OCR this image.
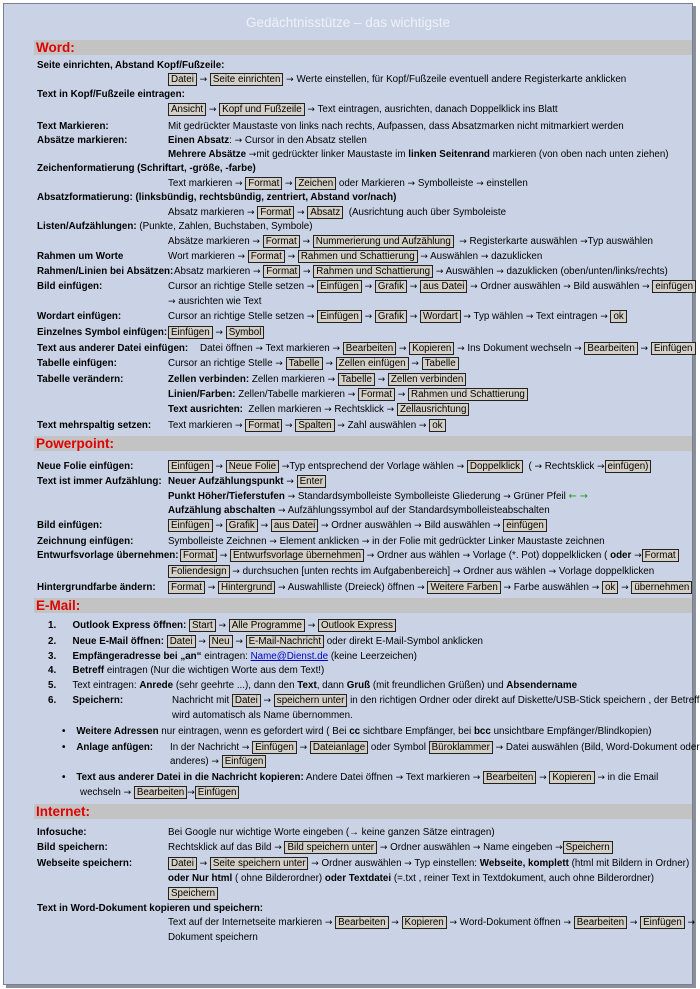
Gedächtnisstütze – das wichtigste
Word:
Seite einrichten, Abstand Kopf/Fußzeile:
Datei → Seite einrichten → Werte einstellen, für Kopf/Fußzeile eventuell andere Registerkarte anklicken
Text in Kopf/Fußzeile eintragen:
Ansicht → Kopf und Fußzeile → Text eintragen, ausrichten, danach Doppelklick ins Blatt
Text Markieren:	Mit gedrückter Maustaste von links nach rechts, Aufpassen, dass Absatzmarken nicht mitmarkiert werden
Absätze markieren:	Einen Absatz: → Cursor in den Absatz stellen
Mehrere Absätze →mit gedrückter linker Maustaste im linken Seitenrand markieren (von oben nach unten ziehen)
Zeichenformatierung (Schriftart, -größe, -farbe)
Text markieren → Format → Zeichen oder Markieren → Symbolleiste → einstellen
Absatzformatierung: (linksbündig, rechtsbündig, zentriert, Abstand vor/nach)
Absatz markieren → Format → Absatz (Ausrichtung auch über Symboleiste
Listen/Aufzählungen: (Punkte, Zahlen, Buchstaben, Symbole)
Absätze markieren → Format → Nummerierung und Aufzählung → Registerkarte auswählen →Typ auswählen
Rahmen um Worte	Wort markieren → Format → Rahmen und Schattierung → Auswählen → dazuklicken
Rahmen/Linien bei Absätzen: Absatz markieren → Format → Rahmen und Schattierung → Auswählen → dazuklicken (oben/unten/links/rechts)
Bild einfügen:	Cursor an richtige Stelle setzen → Einfügen → Grafik → aus Datei → Ordner auswählen → Bild auswählen → einfügen
→ ausrichten wie Text
Wordart einfügen:	Cursor an richtige Stelle setzen → Einfügen → Grafik → Wordart → Typ wählen → Text eintragen → ok
Einzelnes Symbol einfügen: Einfügen → Symbol
Text aus anderer Datei einfügen: Datei öffnen → Text markieren → Bearbeiten → Kopieren → Ins Dokument wechseln → Bearbeiten → Einfügen
Tabelle einfügen:	Cursor an richtige Stelle → Tabelle → Zellen einfügen → Tabelle
Tabelle verändern:	Zellen verbinden: Zellen markieren → Tabelle → Zellen verbinden
Linien/Farben: Zellen/Tabelle markieren → Format → Rahmen und Schattierung
Text ausrichten: Zellen markieren → Rechtsklick → Zellausrichtung
Text mehrspaltig setzen: Text markieren → Format → Spalten → Zahl auswählen → ok
Powerpoint:
Neue Folie einfügen:	Einfügen → Neue Folie →Typ entsprechend der Vorlage wählen → Doppelklick ( → Rechtsklick → einfügen)
Text ist immer Aufzählung: Neuer Aufzählungspunkt → Enter
Punkt Höher/Tieferstufen → Standardsymbolleiste Symbolleiste Gliederung → Grüner Pfeil ← →
Aufzählung abschalten → Aufzählungssymbol auf der Standardsymbolleisteabschalten
Bild einfügen:	Einfügen → Grafik → aus Datei → Ordner auswählen → Bild auswählen → einfügen
Zeichnung einfügen:	Symbolleiste Zeichnen → Element anklicken → in der Folie mit gedrückter Linker Maustaste zeichnen
Entwurfsvorlage übernehmen: Format → Entwurfsvorlage übernehmen → Ordner aus wählen → Vorlage (*. Pot) doppelklicken ( oder → Format
Foliendesign → durchsuchen [unten rechts im Aufgabenbereich] → Ordner aus wählen → Vorlage doppelklicken
Hintergrundfarbe ändern:	Format → Hintergrund → Auswahlliste (Dreieck) öffnen → Weitere Farben → Farbe auswählen → ok → übernehmen
E-Mail:
1. Outlook Express öffnen: Start → Alle Programme → Outlook Express
2. Neue E-Mail öffnen: Datei → Neu → E-Mail-Nachricht oder direkt E-Mail-Symbol anklicken
3. Empfängeradresse bei „an“ eintragen: Name@Dienst.de (keine Leerzeichen)
4. Betreff eintragen (Nur die wichtigen Worte aus dem Text!)
5. Text eintragen: Anrede (sehr geehrte ...), dann den Text, dann Gruß (mit freundlichen Grüßen) und Absendername
6. Speichern:	Nachricht mit Datei → speichern unter in den richtigen Ordner oder direkt auf Diskette/USB-Stick speichern , der Betreff
wird automatisch als Name übernommen.
• Weitere Adressen nur eintragen, wenn es gefordert wird ( Bei cc sichtbare Empfänger, bei bcc unsichtbare Empfänger/Blindkopien)
• Anlage anfügen: In der Nachricht → Einfügen → Dateianlage oder Symbol Büroklammer → Datei auswählen (Bild, Word-Dokument oder
anderes) → Einfügen
• Text aus anderer Datei in die Nachricht kopieren: Andere Datei öffnen → Text markieren → Bearbeiten → Kopieren → in die Email
wechseln → Bearbeiten → Einfügen
Internet:
Infosuche:	Bei Google nur wichtige Worte eingeben (→ keine ganzen Sätze eintragen)
Bild speichern:	Rechtsklick auf das Bild → Bild speichern unter → Ordner auswählen → Name eingeben → Speichern
Webseite speichern:	Datei → Seite speichern unter → Ordner auswählen → Typ einstellen: Webseite, komplett (html mit Bildern in Ordner)
oder Nur html ( ohne Bilderordner) oder Textdatei (=.txt , reiner Text in Textdokument, auch ohne Bilderordner)
Speichern
Text in Word-Dokument kopieren und speichern:
Text auf der Internetseite markieren → Bearbeiten → Kopieren → Word-Dokument öffnen → Bearbeiten → Einfügen →
Dokument speichern
